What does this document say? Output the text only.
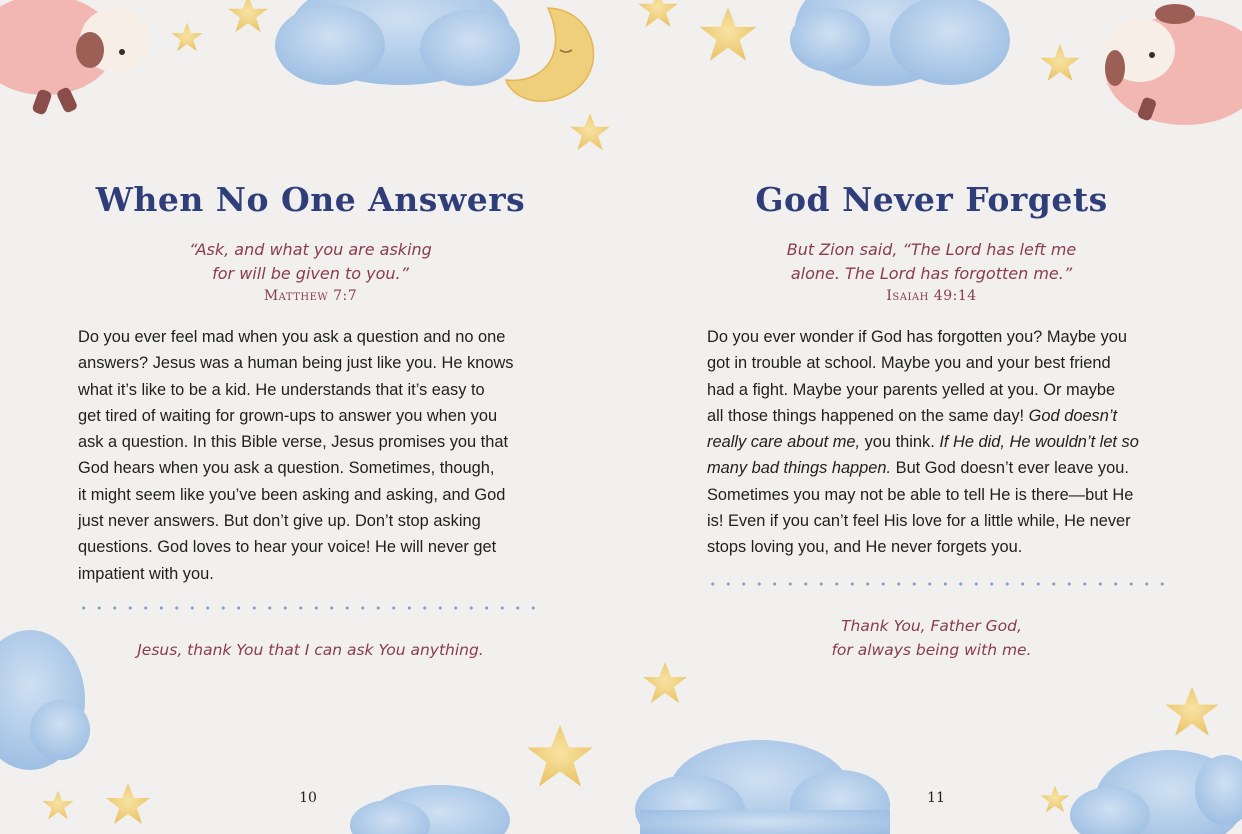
When No One Answers
“Ask, and what you are asking
for will be given to you.”
Matthew 7:7
Do you ever feel mad when you ask a question and no one
answers? Jesus was a human being just like you. He knows
what it’s like to be a kid. He understands that it’s easy to
get tired of waiting for grown-ups to answer you when you
ask a question. In this Bible verse, Jesus promises you that
God hears when you ask a question. Sometimes, though,
it might seem like you’ve been asking and asking, and God
just never answers. But don’t give up. Don’t stop asking
questions. God loves to hear your voice! He will never get
impatient with you.
Jesus, thank You that I can ask You anything.
10
God Never Forgets
But Zion said, “The Lord has left me
alone. The Lord has forgotten me.”
Isaiah 49:14
Do you ever wonder if God has forgotten you? Maybe you
got in trouble at school. Maybe you and your best friend
had a fight. Maybe your parents yelled at you. Or maybe
all those things happened on the same day! God doesn’t
really care about me, you think. If He did, He wouldn’t let so
many bad things happen. But God doesn’t ever leave you.
Sometimes you may not be able to tell He is there—but He
is! Even if you can’t feel His love for a little while, He never
stops loving you, and He never forgets you.
Thank You, Father God,
for always being with me.
11
